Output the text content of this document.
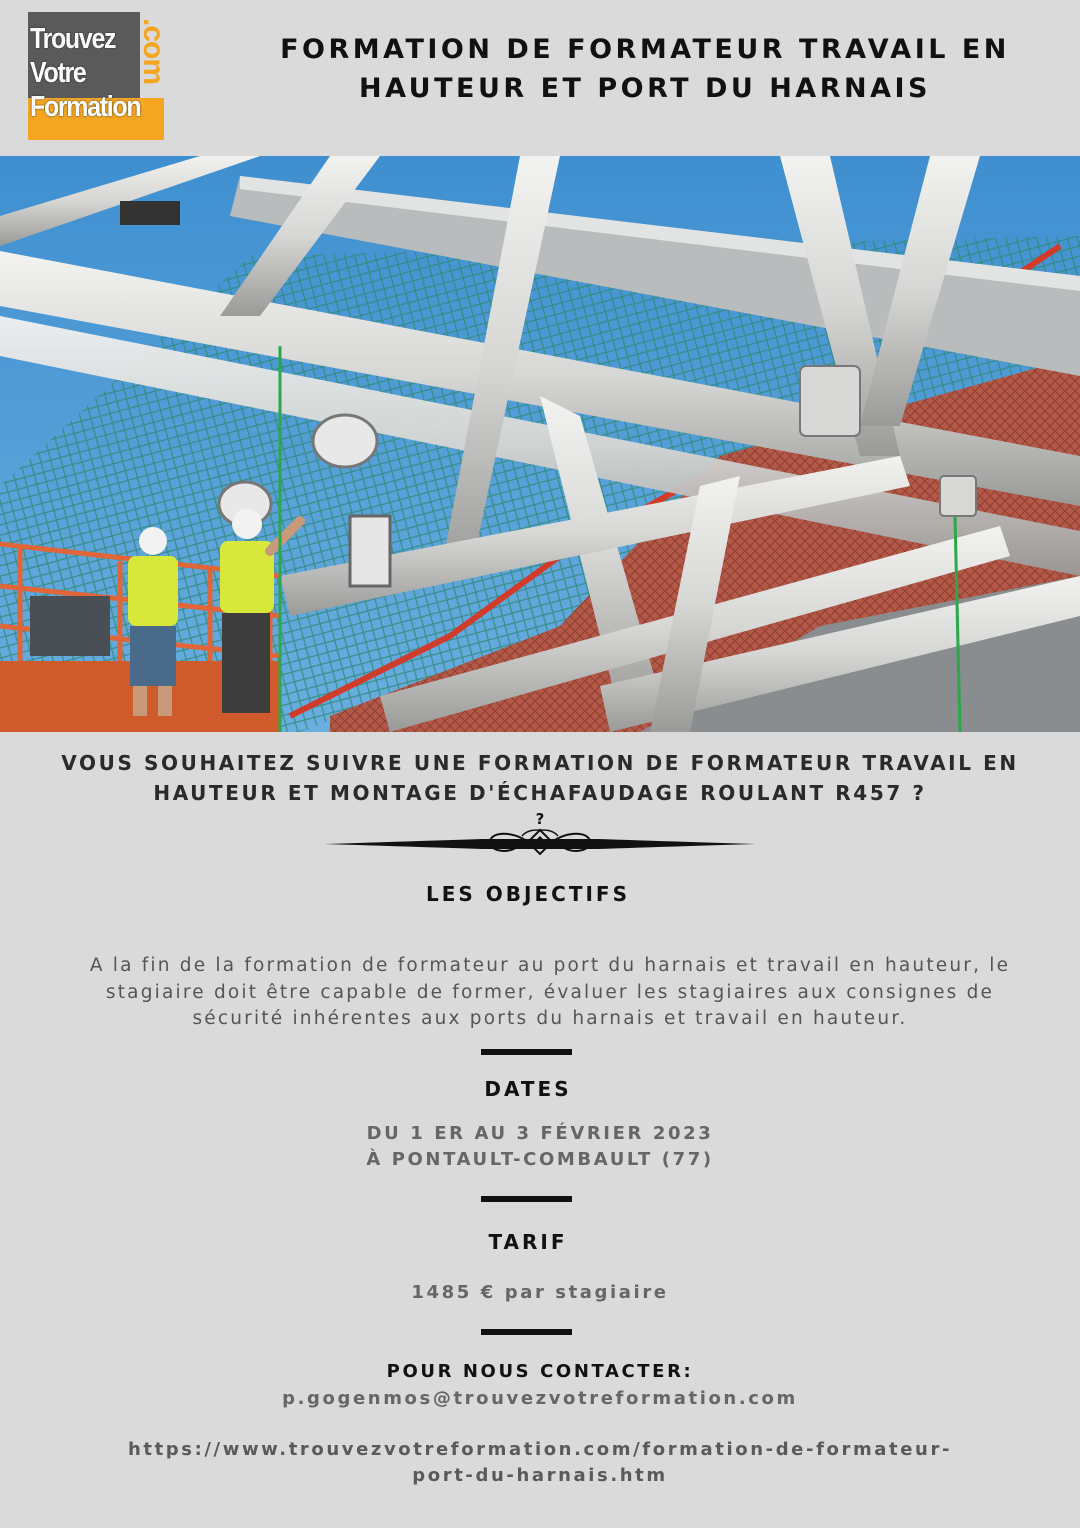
Trouvez
Votre
Formation
.com	FORMATION DE FORMATEUR TRAVAIL EN
HAUTEUR ET PORT DU HARNAIS
VOUS SOUHAITEZ SUIVRE UNE FORMATION DE FORMATEUR TRAVAIL EN
HAUTEUR ET MONTAGE D'ÉCHAFAUDAGE ROULANT R457 ?
?
LES OBJECTIFS
A la fin de la formation de formateur au port du harnais et travail en hauteur, le
stagiaire doit être capable de former, évaluer les stagiaires aux consignes de
sécurité inhérentes aux ports du harnais et travail en hauteur.
DATES
DU 1 ER AU 3 FÉVRIER 2023
À PONTAULT-COMBAULT (77)
TARIF
1485 € par stagiaire
POUR NOUS CONTACTER:
p.gogenmos@trouvezvotreformation.com
https://www.trouvezvotreformation.com/formation-de-formateur-
port-du-harnais.htm
